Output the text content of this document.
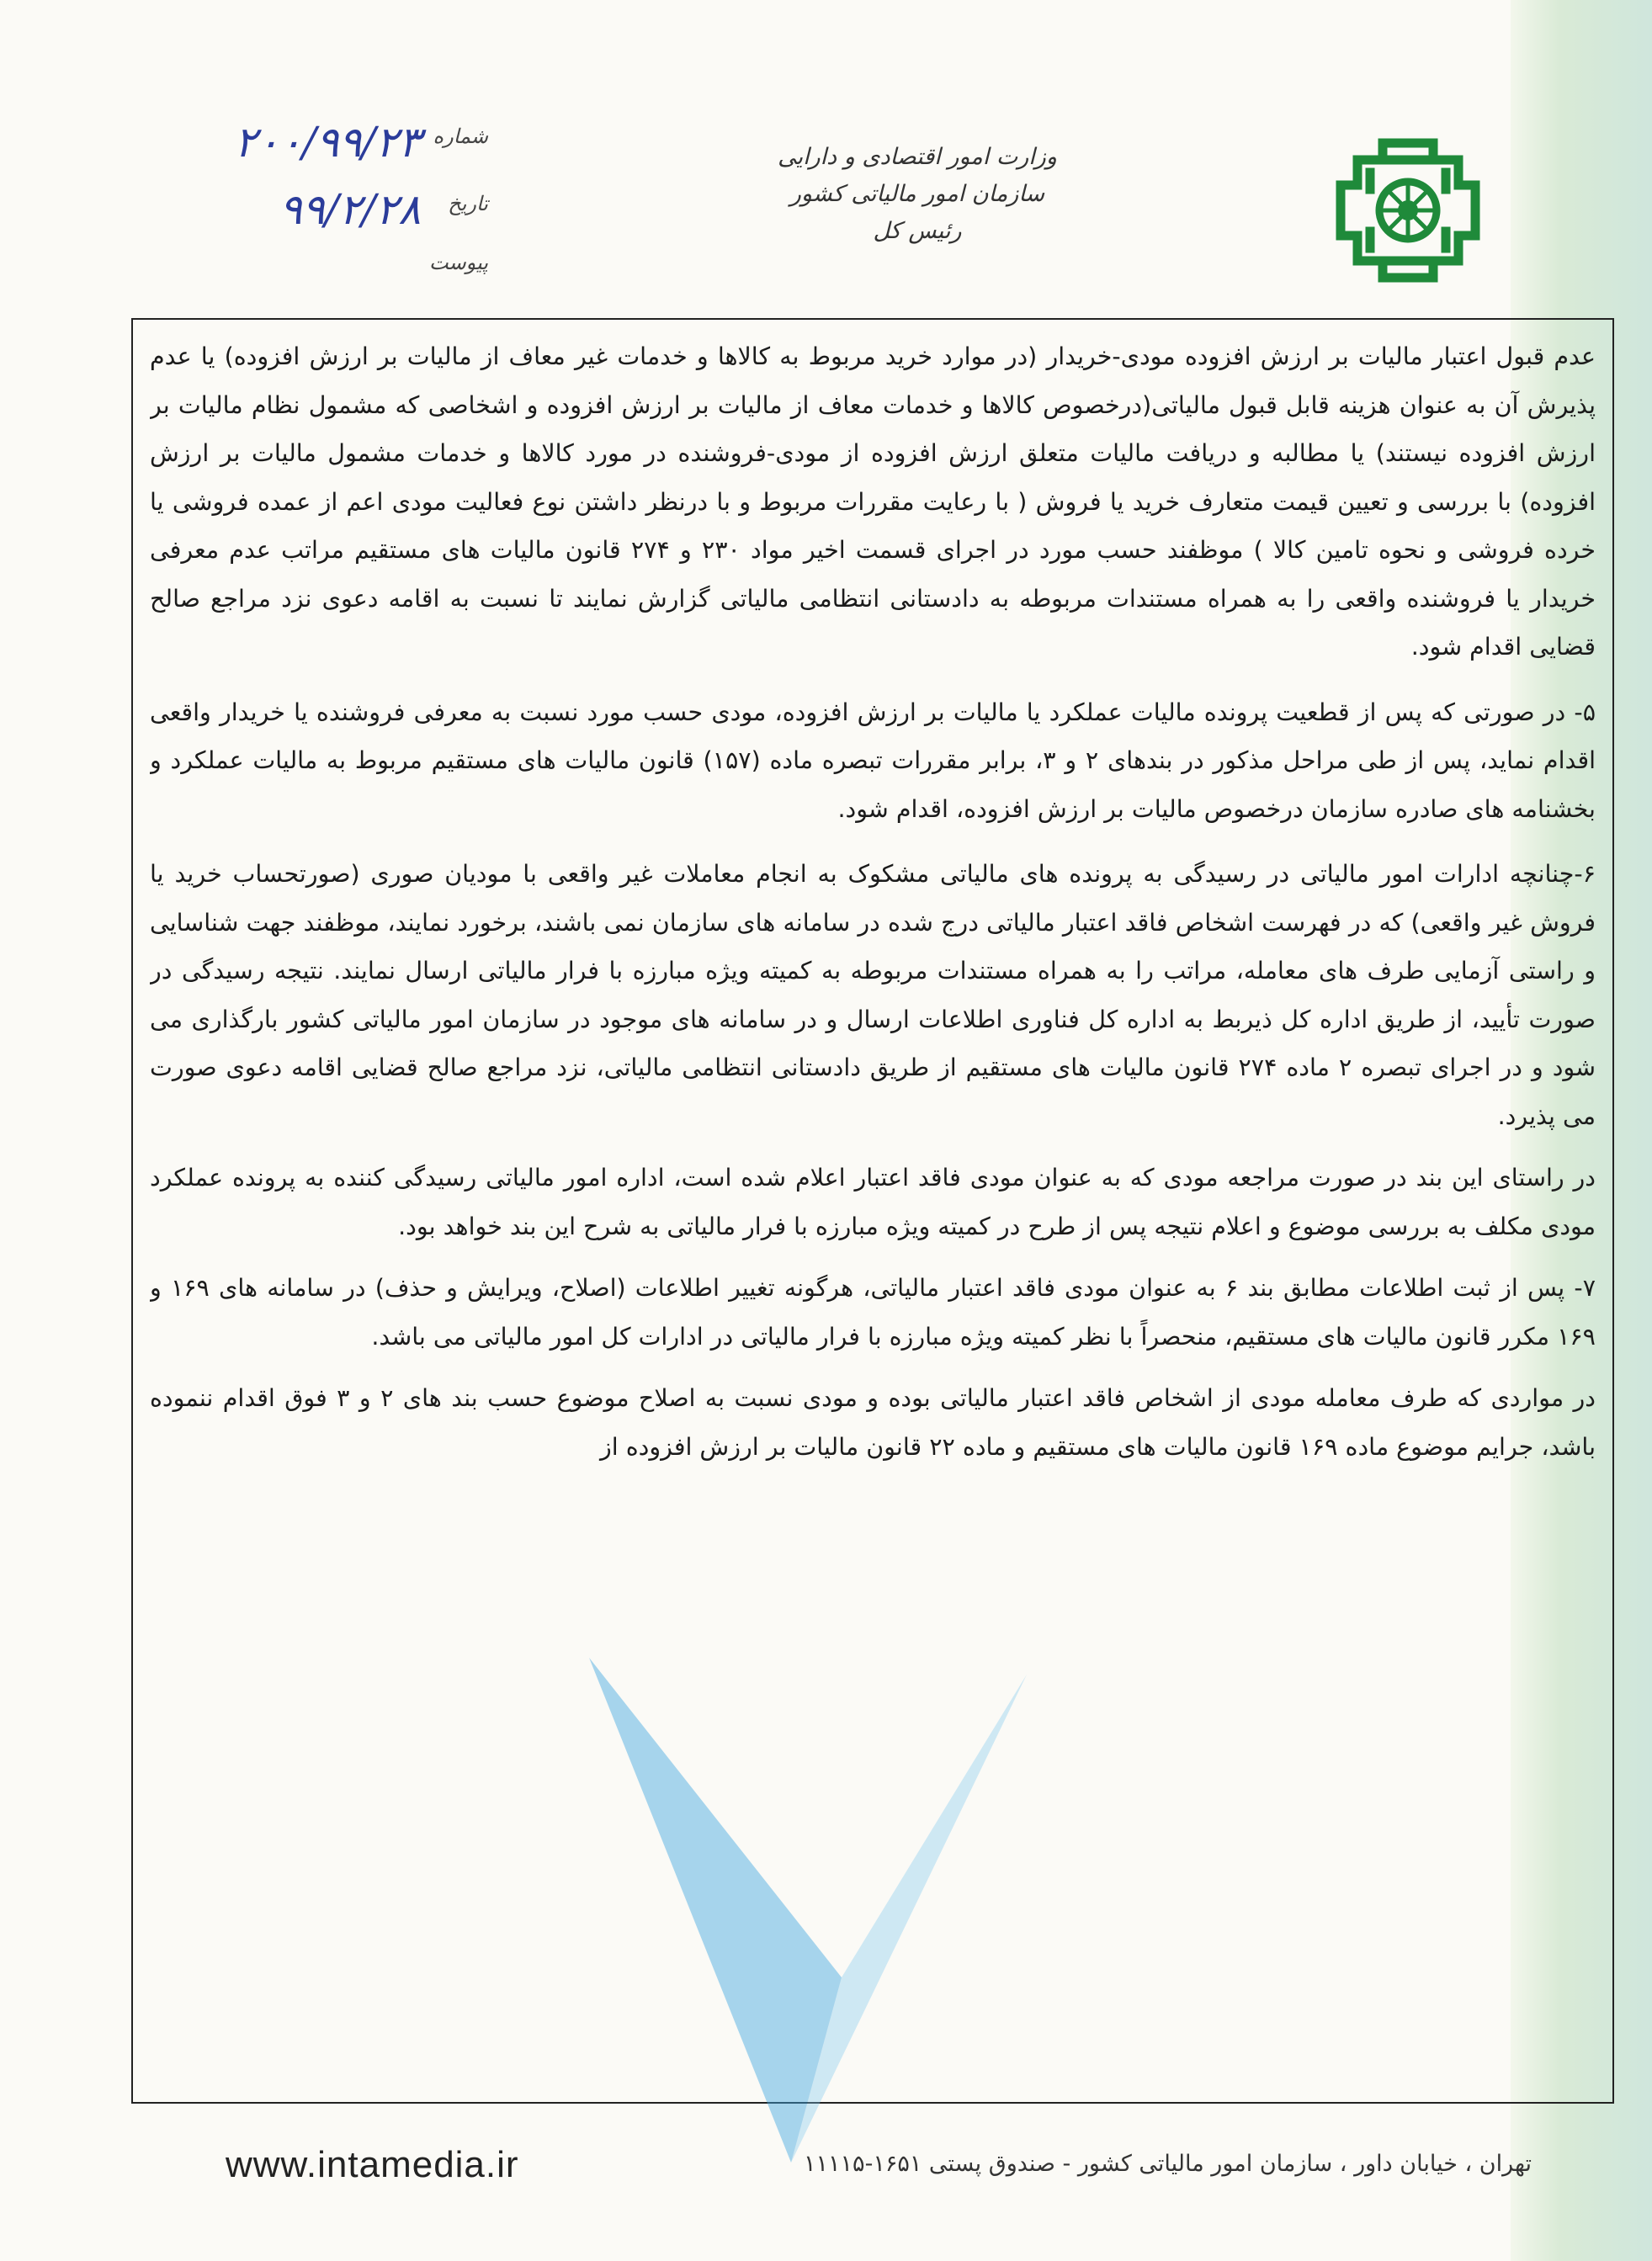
وزارت امور اقتصادی و دارایی
سازمان امور مالیاتی کشور
رئیس کل
شماره
۲۰۰/۹۹/۲۳
تاریخ
۹۹/۲/۲۸
پیوست

عدم قبول اعتبار مالیات بر ارزش افزوده مودی-خریدار (در موارد خرید مربوط به کالاها و خدمات غیر معاف از مالیات بر ارزش افزوده) یا عدم پذیرش آن به عنوان هزینه قابل قبول مالیاتی(درخصوص کالاها و خدمات معاف از مالیات بر ارزش افزوده و اشخاصی که مشمول نظام مالیات بر ارزش افزوده نیستند) یا مطالبه و دریافت مالیات متعلق ارزش افزوده از مودی-فروشنده در مورد کالاها و خدمات مشمول مالیات بر ارزش افزوده) با بررسی و تعیین قیمت متعارف خرید یا فروش ( با رعایت مقررات مربوط و با درنظر داشتن نوع فعالیت مودی اعم از عمده فروشی یا خرده فروشی و نحوه تامین کالا ) موظفند حسب مورد در اجرای قسمت اخیر مواد ۲۳۰ و ۲۷۴ قانون مالیات های مستقیم مراتب عدم معرفی خریدار یا فروشنده واقعی را به همراه مستندات مربوطه به دادستانی انتظامی مالیاتی گزارش نمایند تا نسبت به اقامه دعوی نزد مراجع صالح قضایی اقدام شود.

۵- در صورتی که پس از قطعیت پرونده مالیات عملکرد یا مالیات بر ارزش افزوده، مودی حسب مورد نسبت به معرفی فروشنده یا خریدار واقعی اقدام نماید، پس از طی مراحل مذکور در بندهای ۲ و ۳، برابر مقررات تبصره ماده (۱۵۷) قانون مالیات های مستقیم مربوط به مالیات عملکرد و بخشنامه های صادره سازمان درخصوص مالیات بر ارزش افزوده، اقدام شود.

۶-چنانچه ادارات امور مالیاتی در رسیدگی به پرونده های مالیاتی مشکوک به انجام معاملات غیر واقعی با مودیان صوری (صورتحساب خرید یا فروش غیر واقعی) که در فهرست اشخاص فاقد اعتبار مالیاتی درج شده در سامانه های سازمان نمی باشند، برخورد نمایند، موظفند جهت شناسایی و راستی آزمایی طرف های معامله، مراتب را به همراه مستندات مربوطه به کمیته ویژه مبارزه با فرار مالیاتی ارسال نمایند. نتیجه رسیدگی در صورت تأیید، از طریق اداره کل ذیربط به اداره کل فناوری اطلاعات ارسال و در سامانه های موجود در سازمان امور مالیاتی کشور بارگذاری می شود و در اجرای تبصره ۲ ماده ۲۷۴ قانون مالیات های مستقیم از طریق دادستانی انتظامی مالیاتی، نزد مراجع صالح قضایی اقامه دعوی صورت می پذیرد.

در راستای این بند در صورت مراجعه مودی که به عنوان مودی فاقد اعتبار اعلام شده است، اداره امور مالیاتی رسیدگی کننده به پرونده عملکرد مودی مکلف به بررسی موضوع و اعلام نتیجه پس از طرح در کمیته ویژه مبارزه با فرار مالیاتی به شرح این بند خواهد بود.

۷- پس از ثبت اطلاعات مطابق بند ۶ به عنوان مودی فاقد اعتبار مالیاتی، هرگونه تغییر اطلاعات (اصلاح، ویرایش و حذف) در سامانه های ۱۶۹ و ۱۶۹ مکرر قانون مالیات های مستقیم، منحصراً با نظر کمیته ویژه مبارزه با فرار مالیاتی در ادارات کل امور مالیاتی می باشد.

در مواردی که طرف معامله مودی از اشخاص فاقد اعتبار مالیاتی بوده و مودی نسبت به اصلاح موضوع حسب بند های ۲ و ۳ فوق اقدام ننموده باشد، جرایم موضوع ماده ۱۶۹ قانون مالیات های مستقیم و ماده ۲۲ قانون مالیات بر ارزش افزوده از

www.intamedia.ir	تهران ، خیابان داور ، سازمان امور مالیاتی کشور - صندوق پستی ۱۶۵۱-۱۱۱۱۵
